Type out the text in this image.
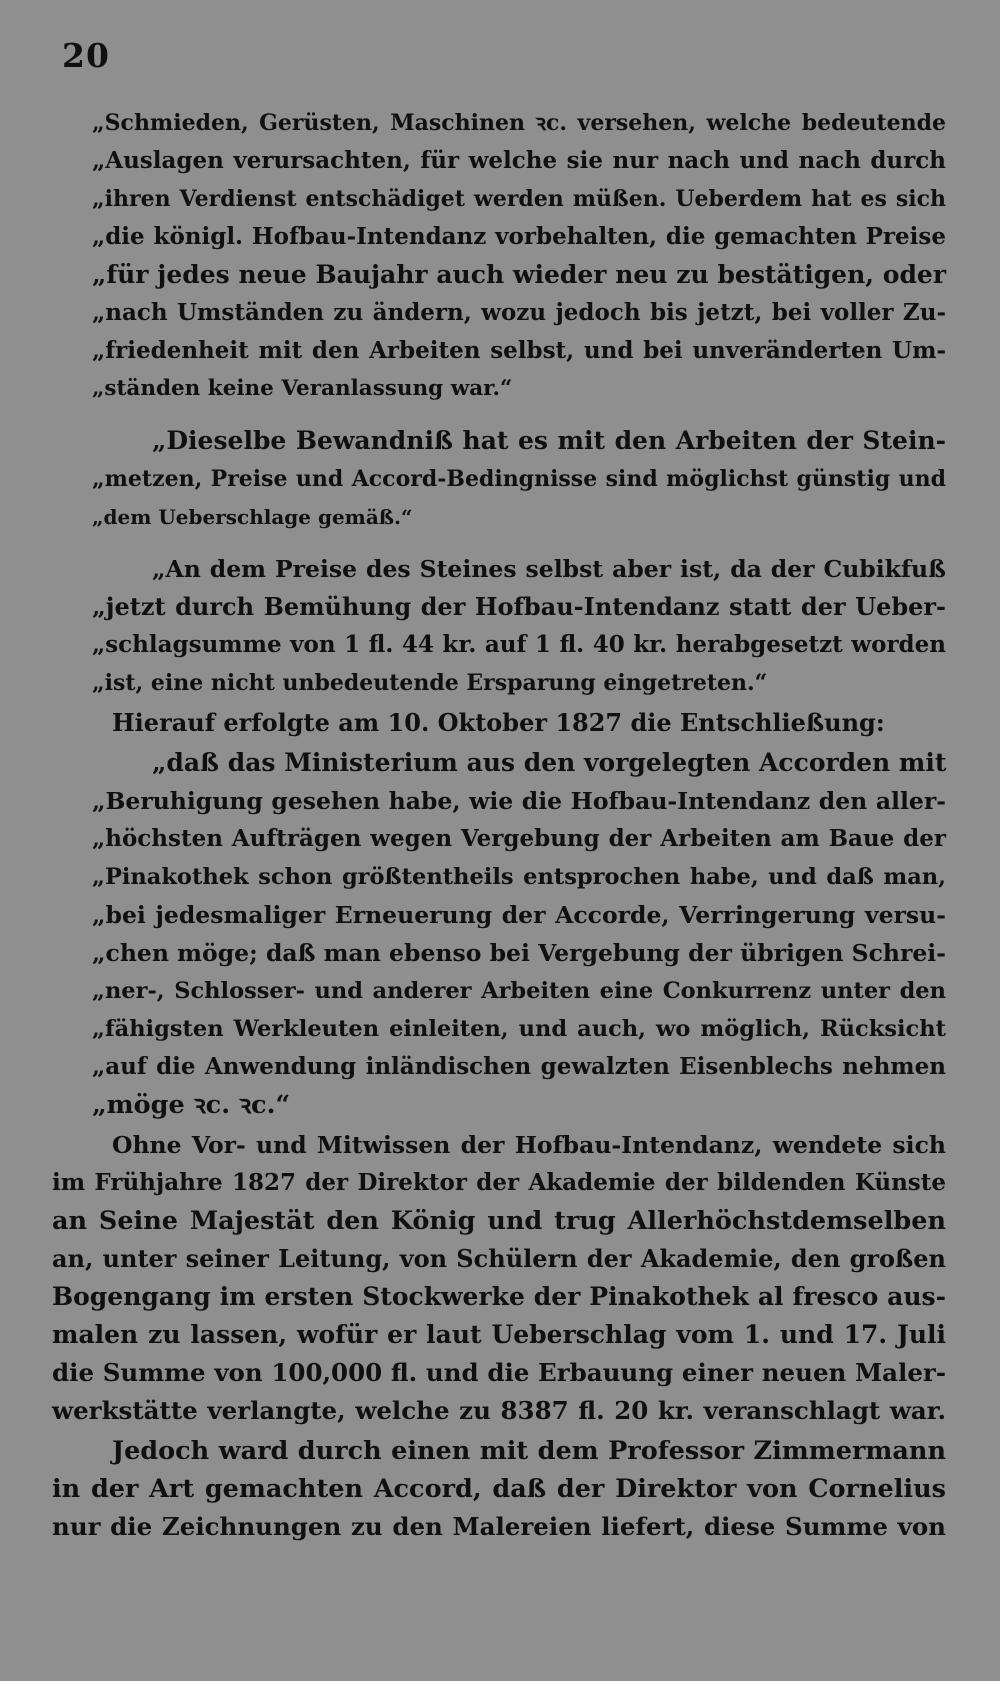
20
„Schmieden, Gerüsten, Maschinen ꝛc. versehen, welche bedeutende
„Auslagen verursachten, für welche sie nur nach und nach durch
„ihren Verdienst entschädiget werden müßen. Ueberdem hat es sich
„die königl. Hofbau-Intendanz vorbehalten, die gemachten Preise
„für jedes neue Baujahr auch wieder neu zu bestätigen, oder
„nach Umständen zu ändern, wozu jedoch bis jetzt, bei voller Zu-
„friedenheit mit den Arbeiten selbst, und bei unveränderten Um-
„ständen keine Veranlassung war.“
„Dieselbe Bewandniß hat es mit den Arbeiten der Stein-
„metzen, Preise und Accord-Bedingnisse sind möglichst günstig und
„dem Ueberschlage gemäß.“
„An dem Preise des Steines selbst aber ist, da der Cubikfuß
„jetzt durch Bemühung der Hofbau-Intendanz statt der Ueber-
„schlagsumme von 1 fl. 44 kr. auf 1 fl. 40 kr. herabgesetzt worden
„ist, eine nicht unbedeutende Ersparung eingetreten.“
Hierauf erfolgte am 10. Oktober 1827 die Entschließung:
„daß das Ministerium aus den vorgelegten Accorden mit
„Beruhigung gesehen habe, wie die Hofbau-Intendanz den aller-
„höchsten Aufträgen wegen Vergebung der Arbeiten am Baue der
„Pinakothek schon größtentheils entsprochen habe, und daß man,
„bei jedesmaliger Erneuerung der Accorde, Verringerung versu-
„chen möge; daß man ebenso bei Vergebung der übrigen Schrei-
„ner-, Schlosser- und anderer Arbeiten eine Conkurrenz unter den
„fähigsten Werkleuten einleiten, und auch, wo möglich, Rücksicht
„auf die Anwendung inländischen gewalzten Eisenblechs nehmen
„möge ꝛc. ꝛc.“
Ohne Vor- und Mitwissen der Hofbau-Intendanz, wendete sich
im Frühjahre 1827 der Direktor der Akademie der bildenden Künste
an Seine Majestät den König und trug Allerhöchstdemselben
an, unter seiner Leitung, von Schülern der Akademie, den großen
Bogengang im ersten Stockwerke der Pinakothek al fresco aus-
malen zu lassen, wofür er laut Ueberschlag vom 1. und 17. Juli
die Summe von 100,000 fl. und die Erbauung einer neuen Maler-
werkstätte verlangte, welche zu 8387 fl. 20 kr. veranschlagt war.
Jedoch ward durch einen mit dem Professor Zimmermann
in der Art gemachten Accord, daß der Direktor von Cornelius
nur die Zeichnungen zu den Malereien liefert, diese Summe von
